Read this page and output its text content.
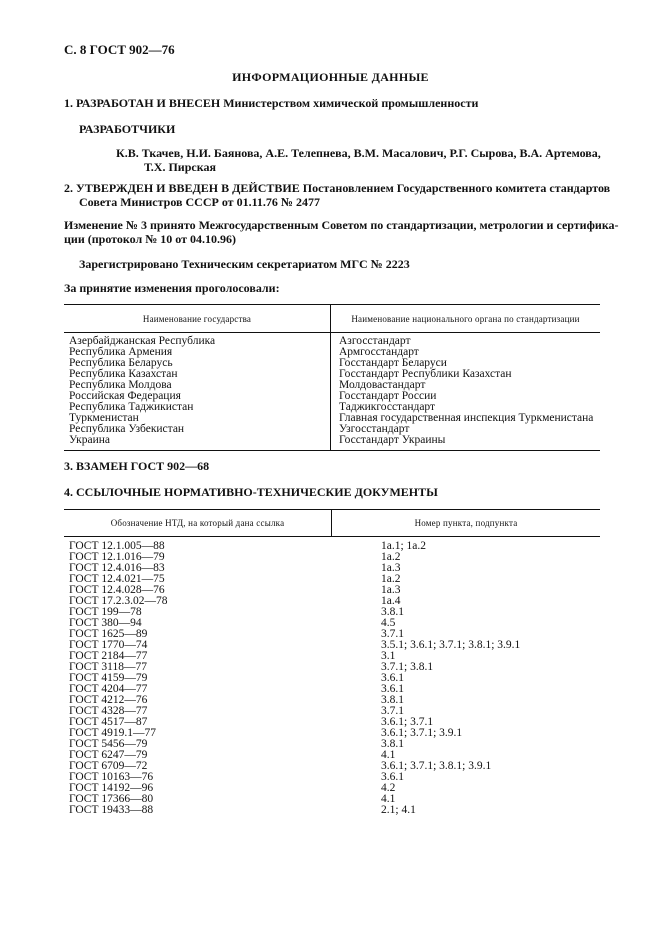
С. 8 ГОСТ 902—76
ИНФОРМАЦИОННЫЕ ДАННЫЕ
1. РАЗРАБОТАН И ВНЕСЕН Министерством химической промышленности
РАЗРАБОТЧИКИ
К.В. Ткачев, Н.И. Баянова, А.Е. Телепнева, В.М. Масалович, Р.Г. Сырова, В.А. Артемова,
Т.Х. Пирская
2. УТВЕРЖДЕН И ВВЕДЕН В ДЕЙСТВИЕ Постановлением Государственного комитета стандартов
Совета Министров СССР от 01.11.76 № 2477
Изменение № 3 принято Межгосударственным Советом по стандартизации, метрологии и сертифика-
ции (протокол № 10 от 04.10.96)
Зарегистрировано Техническим секретариатом МГС № 2223
За принятие изменения проголосовали:
Наименование государства	Наименование национального органа по стандартизации
Азербайджанская Республика
Республика Армения
Республика Беларусь
Республика Казахстан
Республика Молдова
Российская Федерация
Республика Таджикистан
Туркменистан
Республика Узбекистан
Украина
Азгосстандарт
Армгосстандарт
Госстандарт Беларуси
Госстандарт Республики Казахстан
Молдовастандарт
Госстандарт России
Таджикгосстандарт
Главная государственная инспекция Туркменистана
Узгосстандарт
Госстандарт Украины
3. ВЗАМЕН ГОСТ 902—68
4. ССЫЛОЧНЫЕ НОРМАТИВНО-ТЕХНИЧЕСКИЕ ДОКУМЕНТЫ
Обозначение НТД, на который дана ссылка	Номер пункта, подпункта
ГОСТ 12.1.005—88
ГОСТ 12.1.016—79
ГОСТ 12.4.016—83
ГОСТ 12.4.021—75
ГОСТ 12.4.028—76
ГОСТ 17.2.3.02—78
ГОСТ 199—78
ГОСТ 380—94
ГОСТ 1625—89
ГОСТ 1770—74
ГОСТ 2184—77
ГОСТ 3118—77
ГОСТ 4159—79
ГОСТ 4204—77
ГОСТ 4212—76
ГОСТ 4328—77
ГОСТ 4517—87
ГОСТ 4919.1—77
ГОСТ 5456—79
ГОСТ 6247—79
ГОСТ 6709—72
ГОСТ 10163—76
ГОСТ 14192—96
ГОСТ 17366—80
ГОСТ 19433—88
1а.1; 1а.2
1а.2
1а.3
1а.2
1а.3
1а.4
3.8.1
4.5
3.7.1
3.5.1; 3.6.1; 3.7.1; 3.8.1; 3.9.1
3.1
3.7.1; 3.8.1
3.6.1
3.6.1
3.8.1
3.7.1
3.6.1; 3.7.1
3.6.1; 3.7.1; 3.9.1
3.8.1
4.1
3.6.1; 3.7.1; 3.8.1; 3.9.1
3.6.1
4.2
4.1
2.1; 4.1
